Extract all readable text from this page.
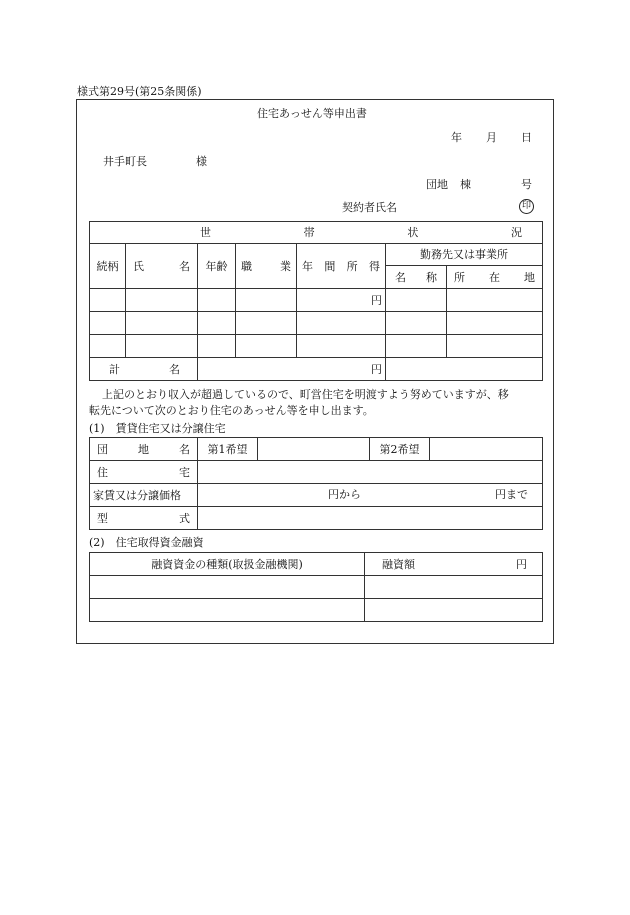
様式第29号(第25条関係)
住宅あっせん等申出書
年 月 日
井手町長	様
団地 棟	号
契約者氏名	印
世 帯 状 況						

続柄	氏 名	年齢	職 業	年 間 所 得	勤務先又は事業所	

					名 称	所 在 地

				円		

計 名		円				
上記のとおり収入が超過しているので、町営住宅を明渡すよう努めていますが、移
転先について次のとおり住宅のあっせん等を申し出ます。
(1)　賃貸住宅又は分譲住宅
団 地 名	第1希望		第2希望	

住 宅				

家賃又は分譲価格	円から 円まで			

型 式				

(2)　住宅取得資金融資
融資資金の種類(取扱金融機関)	融資額 円
